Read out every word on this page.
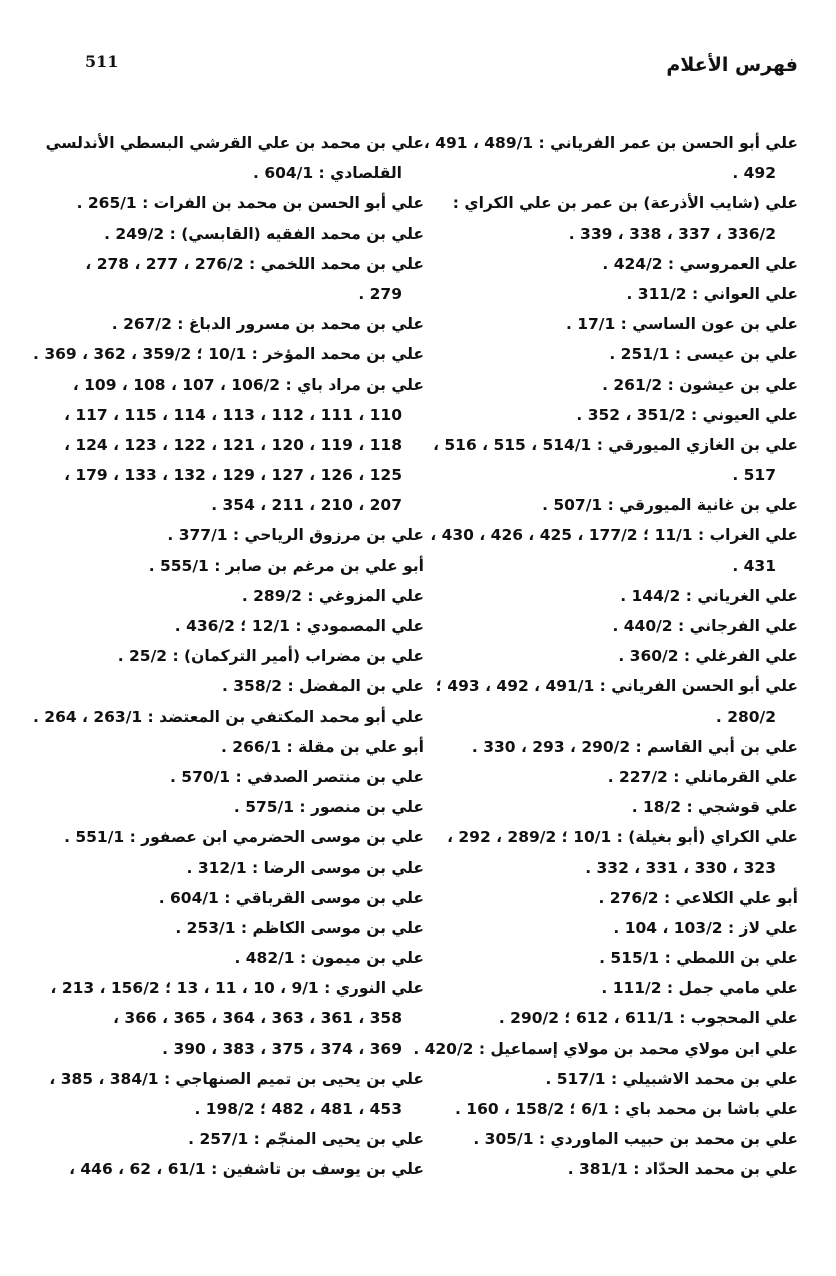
511	فهرس الأعلام
علي أبو الحسن بن عمر الفرياني : 489/1 ، 491 ،
492 .
علي (شايب الأذرعة) بن عمر بن علي الكراي :
336/2 ، 337 ، 338 ، 339 .
علي العمروسي : 424/2 .
علي العواني : 311/2 .
علي بن عون الساسي : 17/1 .
علي بن عيسى : 251/1 .
علي بن عيشون : 261/2 .
علي العيوني : 351/2 ، 352 .
علي بن الغازي الميورقي : 514/1 ، 515 ، 516 ،
517 .
علي بن غانية الميورقي : 507/1 .
علي الغراب : 11/1 ؛ 177/2 ، 425 ، 426 ، 430 ،
431 .
علي الغرياني : 144/2 .
علي الفرجاني : 440/2 .
علي الفرغلي : 360/2 .
علي أبو الحسن الفرياني : 491/1 ، 492 ، 493 ؛
280/2 .
علي بن أبي القاسم : 290/2 ، 293 ، 330 .
علي القرمانلي : 227/2 .
علي قوشجي : 18/2 .
علي الكراي (أبو بغيلة) : 10/1 ؛ 289/2 ، 292 ،
323 ، 330 ، 331 ، 332 .
أبو علي الكلاعي : 276/2 .
علي لاز : 103/2 ، 104 .
علي بن اللمطي : 515/1 .
علي مامي جمل : 111/2 .
علي المحجوب : 611/1 ، 612 ؛ 290/2 .
علي ابن مولاي محمد بن مولاي إسماعيل : 420/2 .
علي بن محمد الاشبيلي : 517/1 .
علي باشا بن محمد باي : 6/1 ؛ 158/2 ، 160 .
علي بن محمد بن حبيب الماوردي : 305/1 .
علي بن محمد الحدّاد : 381/1 .
علي بن محمد بن علي القرشي البسطي الأندلسي
القلصادي : 604/1 .
علي أبو الحسن بن محمد بن الفرات : 265/1 .
علي بن محمد الفقيه (القابسي) : 249/2 .
علي بن محمد اللخمي : 276/2 ، 277 ، 278 ،
279 .
علي بن محمد بن مسرور الدباغ : 267/2 .
علي بن محمد المؤخر : 10/1 ؛ 359/2 ، 362 ، 369 .
علي بن مراد باي : 106/2 ، 107 ، 108 ، 109 ،
110 ، 111 ، 112 ، 113 ، 114 ، 115 ، 117 ،
118 ، 119 ، 120 ، 121 ، 122 ، 123 ، 124 ،
125 ، 126 ، 127 ، 129 ، 132 ، 133 ، 179 ،
207 ، 210 ، 211 ، 354 .
علي بن مرزوق الرياحي : 377/1 .
أبو علي بن مرغم بن صابر : 555/1 .
علي المزوغي : 289/2 .
علي المصمودي : 12/1 ؛ 436/2 .
علي بن مضراب (أمير التركمان) : 25/2 .
علي بن المفضل : 358/2 .
علي أبو محمد المكتفي بن المعتضد : 263/1 ، 264 .
أبو علي بن مقلة : 266/1 .
علي بن منتصر الصدفي : 570/1 .
علي بن منصور : 575/1 .
علي بن موسى الحضرمي ابن عصفور : 551/1 .
علي بن موسى الرضا : 312/1 .
علي بن موسى القرباقي : 604/1 .
علي بن موسى الكاظم : 253/1 .
علي بن ميمون : 482/1 .
علي النوري : 9/1 ، 10 ، 11 ، 13 ؛ 156/2 ، 213 ،
358 ، 361 ، 363 ، 364 ، 365 ، 366 ،
369 ، 374 ، 375 ، 383 ، 390 .
علي بن يحيى بن تميم الصنهاجي : 384/1 ، 385 ،
453 ، 481 ، 482 ؛ 198/2 .
علي بن يحيى المنجّم : 257/1 .
علي بن يوسف بن تاشفين : 61/1 ، 62 ، 446 ،
